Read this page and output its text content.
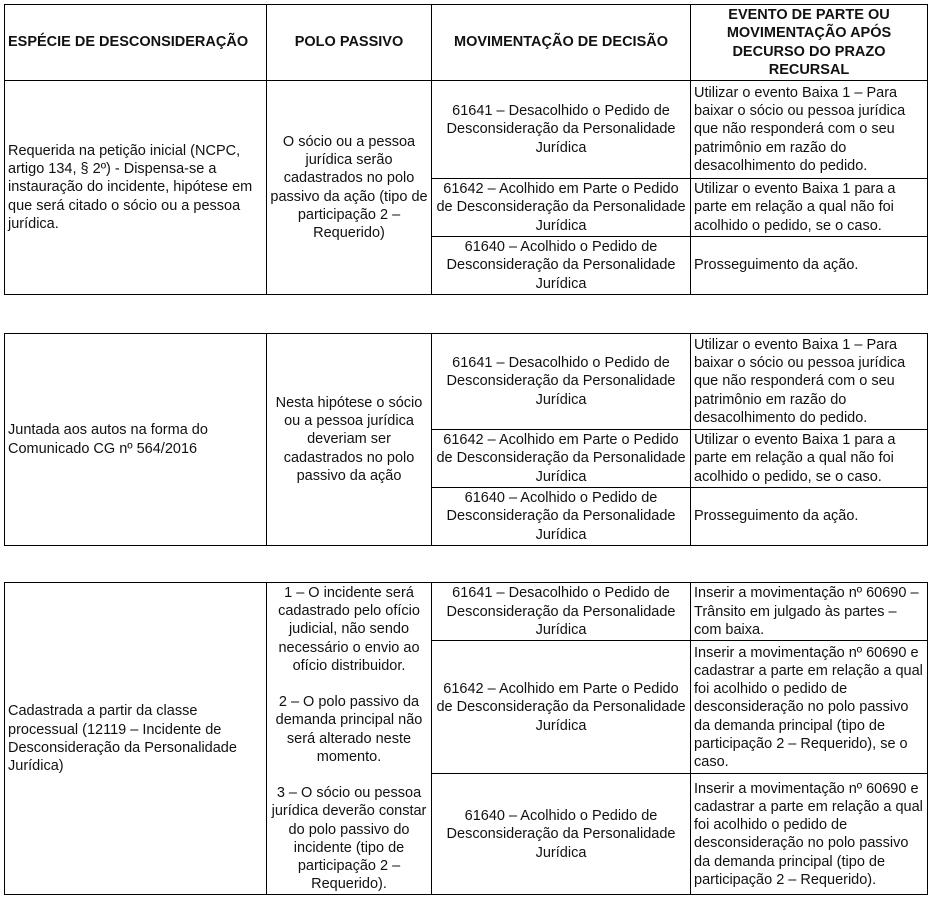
ESPÉCIE DE DESCONSIDERAÇÃO	POLO PASSIVO	MOVIMENTAÇÃO DE DECISÃO	EVENTO DE PARTE OU MOVIMENTAÇÃO APÓS DECURSO DO PRAZO RECURSAL
Requerida na petição inicial (NCPC, artigo 134, § 2º) - Dispensa-se a instauração do incidente, hipótese em que será citado o sócio ou a pessoa jurídica.	O sócio ou a pessoa jurídica serão cadastrados no polo passivo da ação (tipo de participação 2 – Requerido)	61641 – Desacolhido o Pedido de Desconsideração da Personalidade Jurídica	Utilizar o evento Baixa 1 – Para baixar o sócio ou pessoa jurídica que não responderá com o seu patrimônio em razão do desacolhimento do pedido.
		61642 – Acolhido em Parte o Pedido de Desconsideração da Personalidade Jurídica	Utilizar o evento Baixa 1 para a parte em relação a qual não foi acolhido o pedido, se o caso.
		61640 – Acolhido o Pedido de Desconsideração da Personalidade Jurídica	Prosseguimento da ação.
Juntada aos autos na forma do Comunicado CG nº 564/2016	Nesta hipótese o sócio ou a pessoa jurídica deveriam ser cadastrados no polo passivo da ação	61641 – Desacolhido o Pedido de Desconsideração da Personalidade Jurídica	Utilizar o evento Baixa 1 – Para baixar o sócio ou pessoa jurídica que não responderá com o seu patrimônio em razão do desacolhimento do pedido.
		61642 – Acolhido em Parte o Pedido de Desconsideração da Personalidade Jurídica	Utilizar o evento Baixa 1 para a parte em relação a qual não foi acolhido o pedido, se o caso.
		61640 – Acolhido o Pedido de Desconsideração da Personalidade Jurídica	Prosseguimento da ação.
Cadastrada a partir da classe processual (12119 – Incidente de Desconsideração da Personalidade Jurídica)	1 – O incidente será cadastrado pelo ofício judicial, não sendo necessário o envio ao ofício distribuidor.

2 – O polo passivo da demanda principal não será alterado neste momento.

3 – O sócio ou pessoa jurídica deverão constar do polo passivo do incidente (tipo de participação 2 – Requerido).	61641 – Desacolhido o Pedido de Desconsideração da Personalidade Jurídica	Inserir a movimentação nº 60690 – Trânsito em julgado às partes – com baixa.
		61642 – Acolhido em Parte o Pedido de Desconsideração da Personalidade Jurídica	Inserir a movimentação nº 60690 e cadastrar a parte em relação a qual foi acolhido o pedido de desconsideração no polo passivo da demanda principal (tipo de participação 2 – Requerido), se o caso.
		61640 – Acolhido o Pedido de Desconsideração da Personalidade Jurídica	Inserir a movimentação nº 60690 e cadastrar a parte em relação a qual foi acolhido o pedido de desconsideração no polo passivo da demanda principal (tipo de participação 2 – Requerido).
